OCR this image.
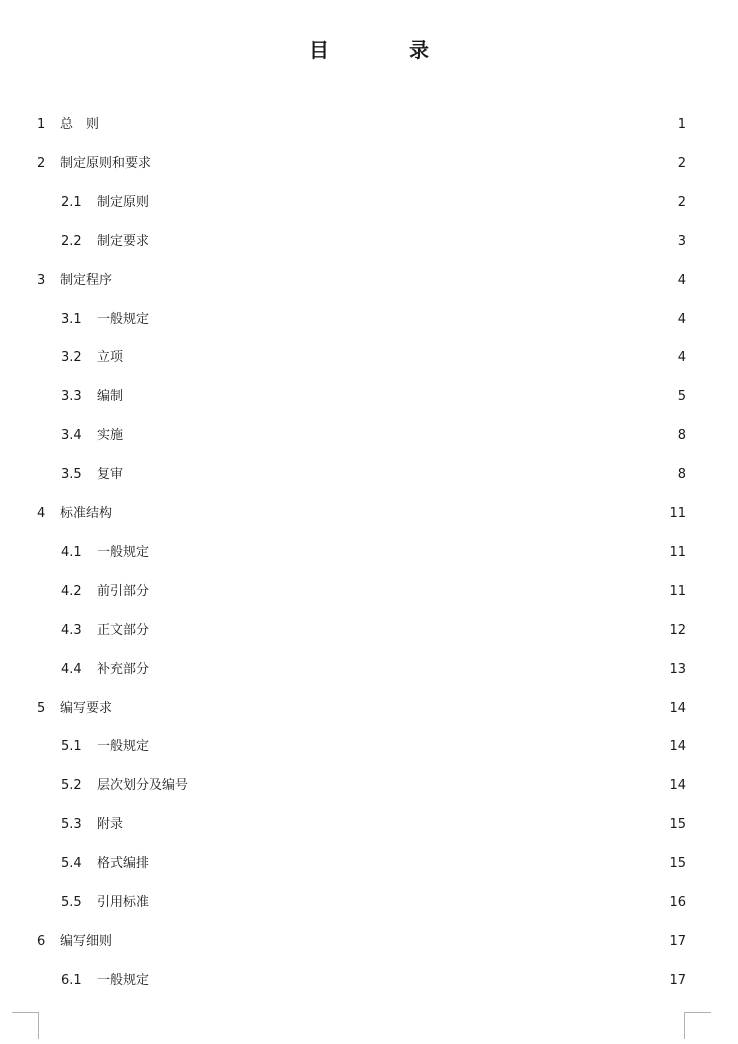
目　录
1	总　则	1
2	制定原则和要求	2
2.1	制定原则	2
2.2	制定要求	3
3	制定程序	4
3.1	一般规定	4
3.2	立项	4
3.3	编制	5
3.4	实施	8
3.5	复审	8
4	标准结构	11
4.1	一般规定	11
4.2	前引部分	11
4.3	正文部分	12
4.4	补充部分	13
5	编写要求	14
5.1	一般规定	14
5.2	层次划分及编号	14
5.3	附录	15
5.4	格式编排	15
5.5	引用标准	16
6	编写细则	17
6.1	一般规定	17
